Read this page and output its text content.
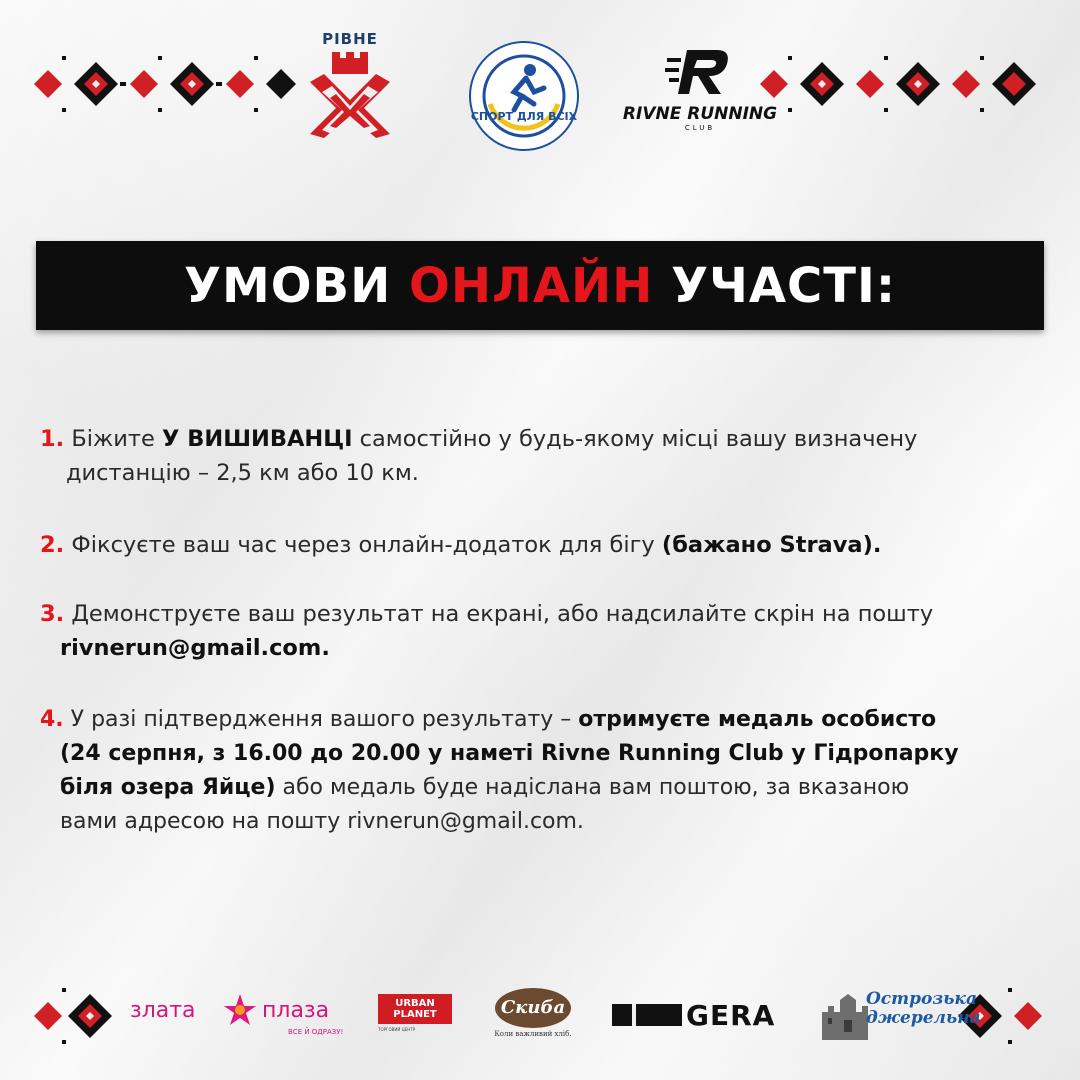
РІВНЕ
СПОРТ ДЛЯ ВСІХ	RIVNE RUNNING
CLUB
УМОВИ
ОНЛАЙН
УЧАСТІ:
1. Біжите У ВИШИВАНЦІ самостійно у будь-якому місці вашу визначену
дистанцію – 2,5 км або 10 км.
2. Фіксуєте ваш час через онлайн-додаток для бігу (бажано Strava).
3. Демонструєте ваш результат на екрані, або надсилайте скрін на пошту
rivnerun@gmail.com.
4. У разі підтвердження вашого результату – отримуєте медаль особисто
(24 серпня, з 16.00 до 20.00 у наметі Rivne Running Club у Гідропарку
біля озера Яйце) або медаль буде надіслана вам поштою, за вказаною
вами адресою на пошту rivnerun@gmail.com.
злата	плаза
ВСЕ Й ОДРАЗУ!
URBAN
PLANET
ТОРГОВИЙ ЦЕНТР
Скиба
Коли важливий хліб.
GERA	Острозька
джерельна
